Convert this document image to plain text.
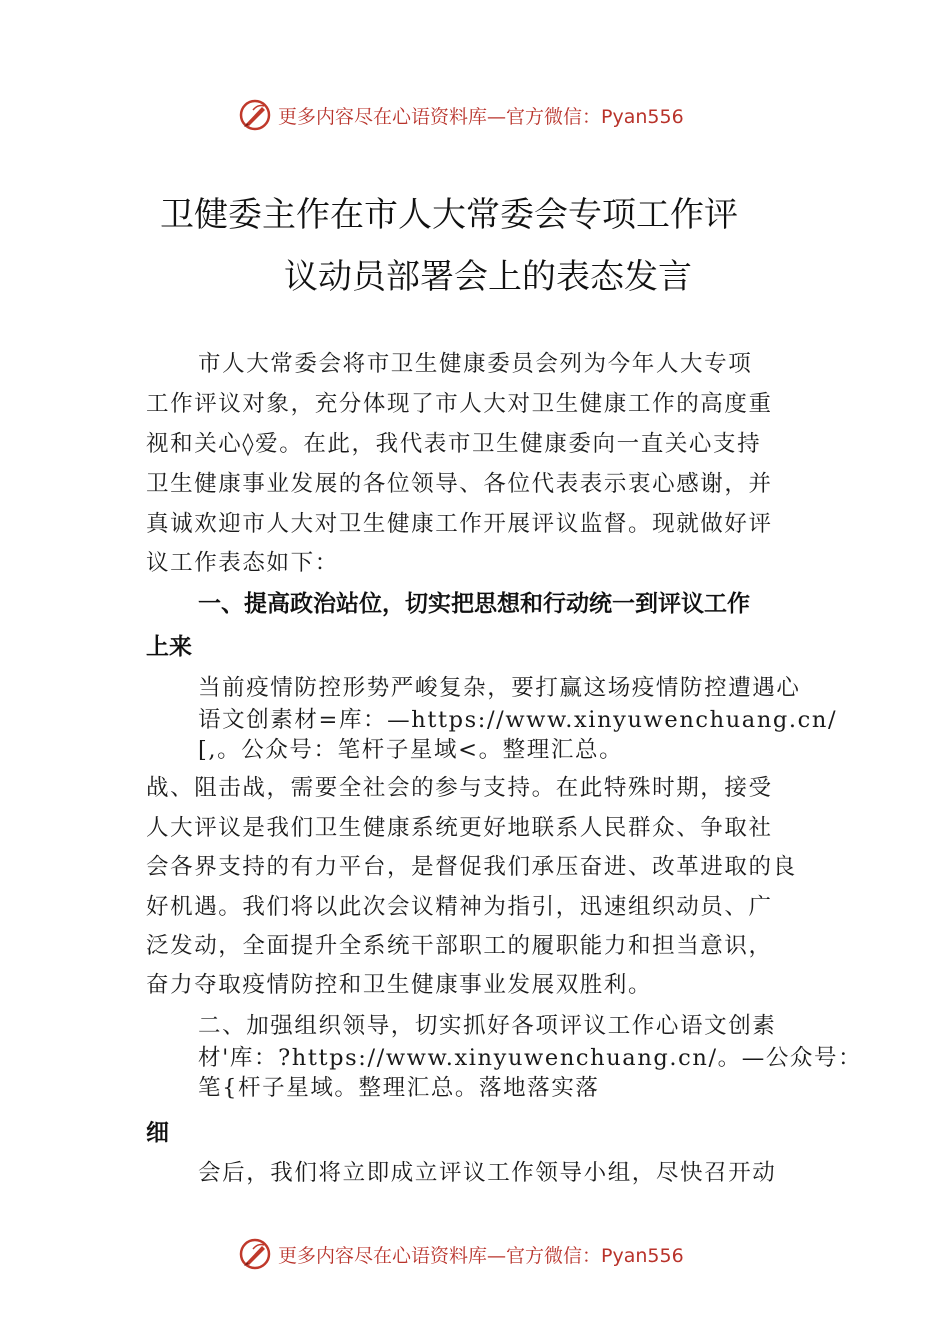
更多内容尽在心语资料库—官方微信：Pyan556
卫健委主作在市人大常委会专项工作评
议动员部署会上的表态发言
市人大常委会将市卫生健康委员会列为今年人大专项
工作评议对象，充分体现了市人大对卫生健康工作的高度重
视和关心◊爱。在此，我代表市卫生健康委向一直关心支持
卫生健康事业发展的各位领导、各位代表表示衷心感谢，并
真诚欢迎市人大对卫生健康工作开展评议监督。现就做好评
议工作表态如下：
一、提高政治站位，切实把思想和行动统一到评议工作
上来
当前疫情防控形势严峻复杂，要打赢这场疫情防控遭遇心
语文创素材=库：—https://www.xinyuwenchuang.cn/
[,。公众号：笔杆子星域<。整理汇总。
战、阻击战，需要全社会的参与支持。在此特殊时期，接受
人大评议是我们卫生健康系统更好地联系人民群众、争取社
会各界支持的有力平台，是督促我们承压奋进、改革进取的良
好机遇。我们将以此次会议精神为指引，迅速组织动员、广
泛发动，全面提升全系统干部职工的履职能力和担当意识，
奋力夺取疫情防控和卫生健康事业发展双胜利。
二、加强组织领导，切实抓好各项评议工作心语文创素
材'库：?https://www.xinyuwenchuang.cn/。—公众号：
笔{杆子星域。整理汇总。落地落实落
细
会后，我们将立即成立评议工作领导小组，尽快召开动
更多内容尽在心语资料库—官方微信：Pyan556
